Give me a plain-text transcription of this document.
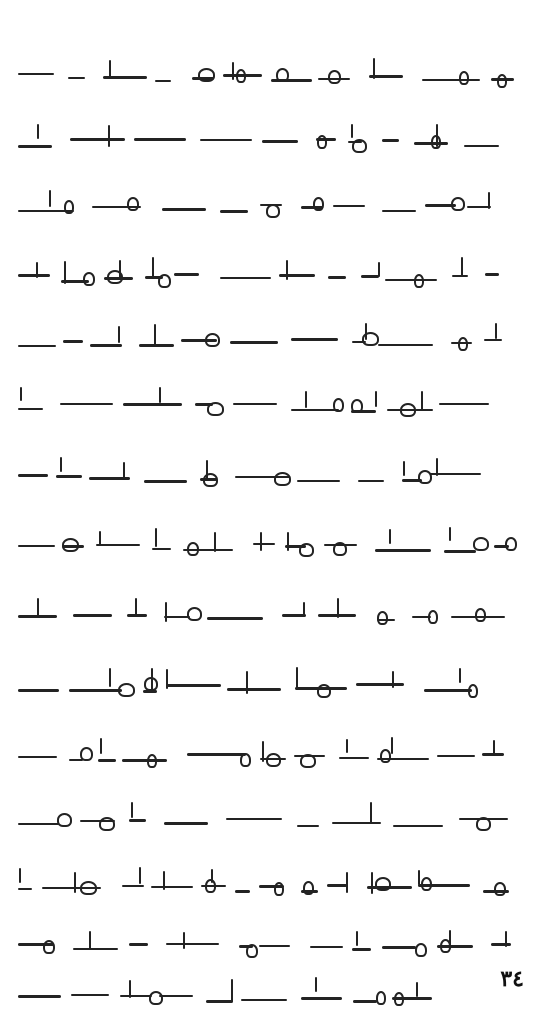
٣٤
